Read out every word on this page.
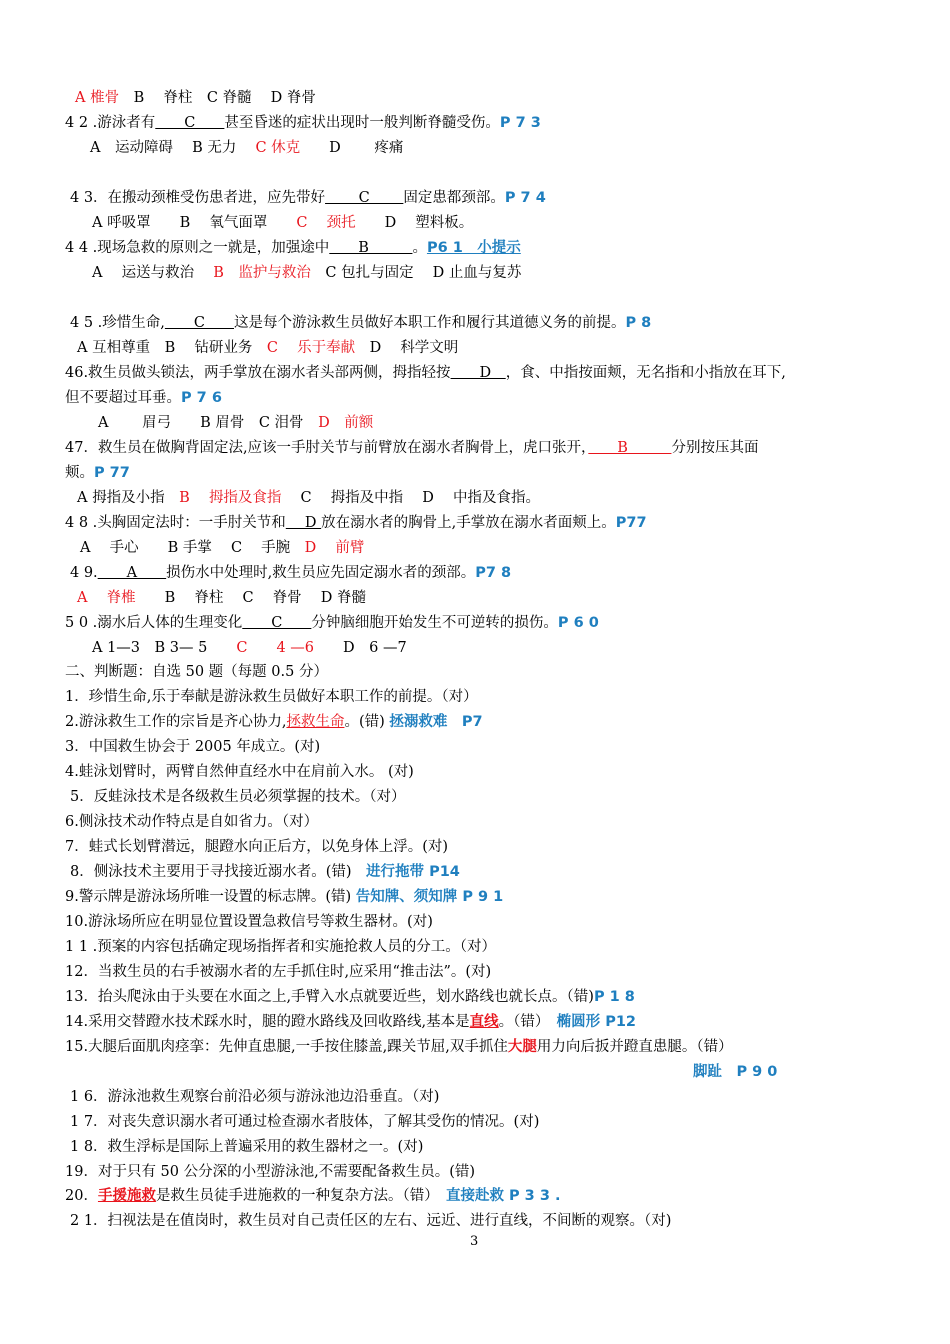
A 椎骨　B　 脊柱　C 脊髓　 D 脊骨
4 2 .游泳者有　　C　　甚至昏迷的症状出现时一般判断脊髓受伤。P 7 3
A　运动障碍　 B 无力　 C 休克　　D　　 疼痛
4 3．在搬动颈椎受伤患者进，应先带好　　 C　　 固定患都颈部。P 7 4
A 呼吸罩　　B　 氧气面罩　　C　 颈托　　D　 塑料板。
4 4 .现场急救的原则之一就是，加强途中　　B　　　。P6 1　小提示
A　 运送与救治　 B　监护与救治　C 包扎与固定　 D 止血与复苏
4 5 .珍惜生命,　　C　　这是每个游泳救生员做好本职工作和履行其道德义务的前提。P 8
A 互相尊重　B　 钻研业务　C　 乐于奉献　D　 科学文明
46.救生员做头锁法，两手掌放在溺水者头部两侧，拇指轻按　　D　，食、中指按面颊，无名指和小指放在耳下,
但不要超过耳垂。P 7 6
A　　 眉弓　　B 眉骨　C 泪骨　D　前额
47．救生员在做胸背固定法,应该一手肘关节与前臂放在溺水者胸骨上，虎口张开，　　B　　　分别按压其面
颊。P 77
A 拇指及小指　B　 拇指及食指　 C　 拇指及中指　 D　 中指及食指。
4 8 .头胸固定法时：一手肘关节和　 D 放在溺水者的胸骨上,手掌放在溺水者面颊上。P77
A　 手心　　B 手掌　 C　 手腕　D　 前臂
4 9.　　A　　损伤水中处理时,救生员应先固定溺水者的颈部。P7 8
A　 脊椎　　B　 脊柱　 C　 脊骨　 D 脊髓
5 0 .溺水后人体的生理变化　　C　　分钟脑细胞开始发生不可逆转的损伤。P 6 0
A 1—3　B 3— 5　　C　　4 —6　　D　6 —7
二、判断题：自选 50 题（每题 0.5 分）
1．珍惜生命,乐于奉献是游泳救生员做好本职工作的前提。（对）
2.游泳救生工作的宗旨是齐心协力,拯救生命。(错) 拯溺救难　P7
3．中国救生协会于 2005 年成立。(对)
4.蛙泳划臂时，两臂自然伸直经水中在肩前入水。 (对)
5．反蛙泳技术是各级救生员必须掌握的技术。（对）
6.侧泳技术动作特点是自如省力。（对）
7．蛙式长划臂潜远，腿蹬水向正后方，以免身体上浮。(对)
8．侧泳技术主要用于寻找接近溺水者。(错)　进行拖带 P14
9.警示牌是游泳场所唯一设置的标志牌。(错) 告知牌、须知牌 P 9 1
10.游泳场所应在明显位置设置急救信号等救生器材。(对)
1 1 .预案的内容包括确定现场指挥者和实施抢救人员的分工。（对）
12．当救生员的右手被溺水者的左手抓住时,应采用“推击法”。(对)
13．抬头爬泳由于头要在水面之上,手臂入水点就要近些，划水路线也就长点。（错)P 1 8
14.采用交替蹬水技术踩水时，腿的蹬水路线及回收路线,基本是直线。（错）　椭圆形 P12
15.大腿后面肌肉痉挛：先伸直患腿,一手按住膝盖,踝关节屈,双手抓住大腿用力向后扳并蹬直患腿。（错）
脚趾　P 9 0
1 6．游泳池救生观察台前沿必须与游泳池边沿垂直。（对)
1 7．对丧失意识溺水者可通过检查溺水者肢体，了解其受伤的情况。(对)
1 8．救生浮标是国际上普遍采用的救生器材之一。(对)
19．对于只有 50 公分深的小型游泳池,不需要配备救生员。(错)
20．手援施救是救生员徒手进施救的一种复杂方法。（错）　直接赴救 P 3 3 .
2 1．扫视法是在值岗时，救生员对自己责任区的左右、远近、进行直线，不间断的观察。（对)
3
